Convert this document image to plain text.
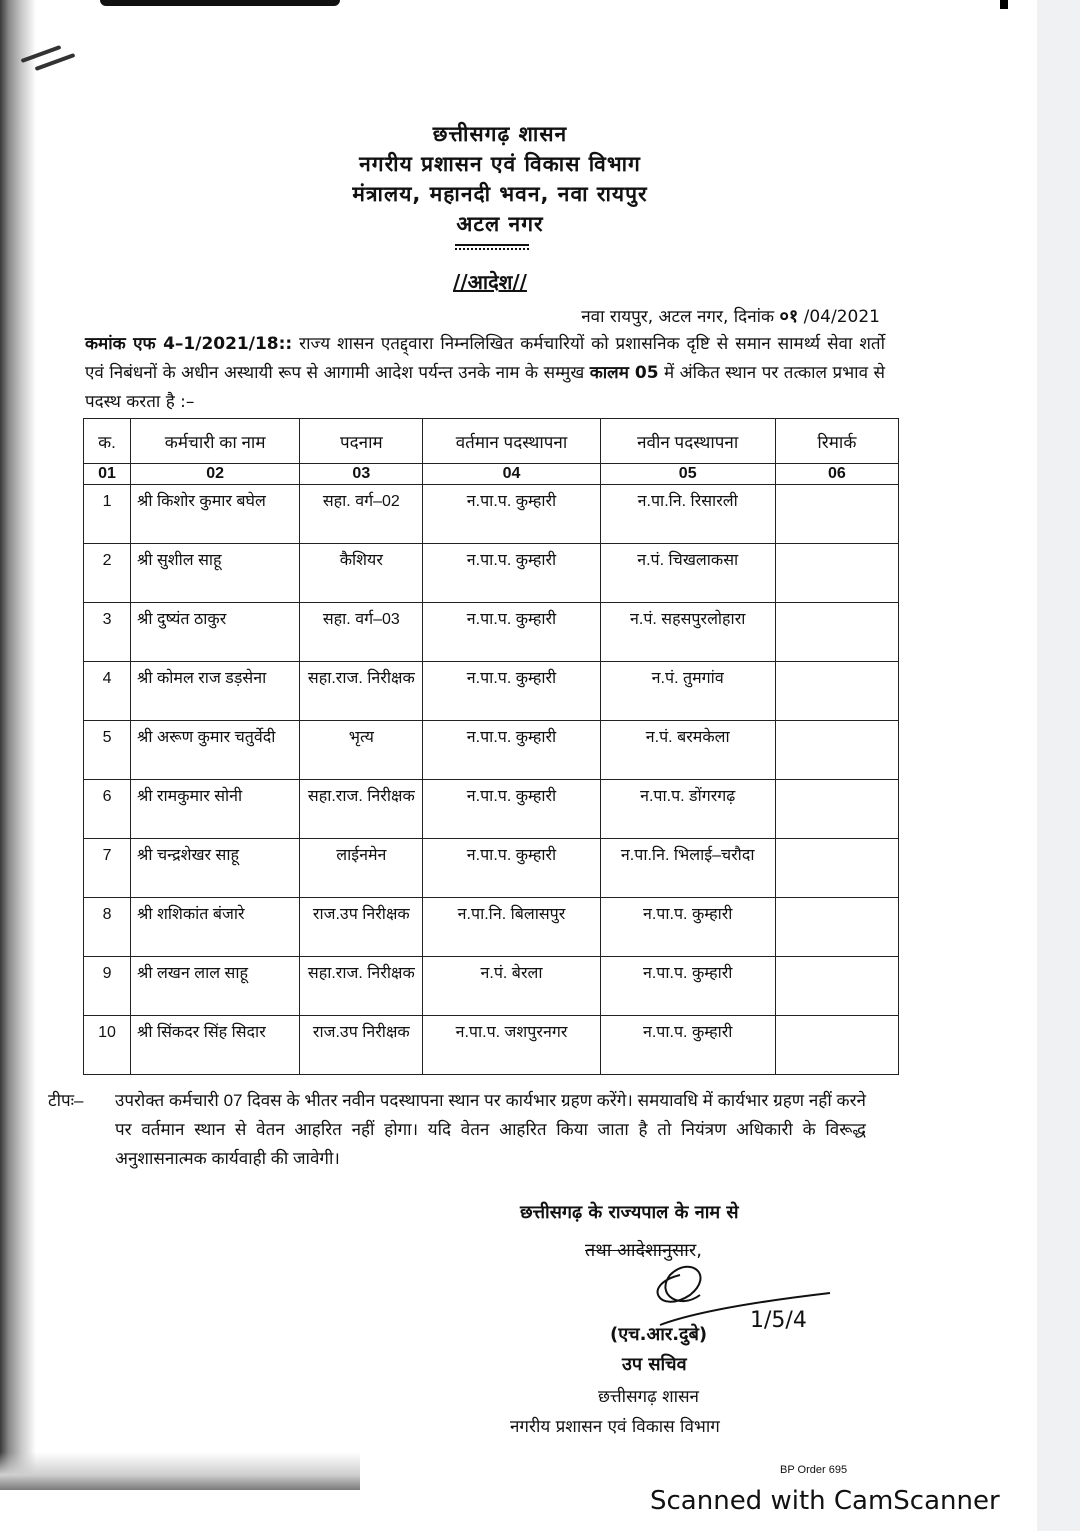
छत्तीसगढ़ शासन
नगरीय प्रशासन एवं विकास विभाग
मंत्रालय, महानदी भवन, नवा रायपुर
अटल नगर
//आदेश//
नवा रायपुर, अटल नगर, दिनांक ०१ /04/2021
कमांक एफ 4–1/2021/18:: राज्य शासन एतद्द्वारा निम्नलिखित कर्मचारियों को प्रशासनिक दृष्टि से समान सामर्थ्य सेवा शर्तो एवं निबंधनों के अधीन अस्थायी रूप से आगामी आदेश पर्यन्त उनके नाम के सम्मुख कालम 05 में अंकित स्थान पर तत्काल प्रभाव से पदस्थ करता है :–
क.	कर्मचारी का नाम	पदनाम	वर्तमान पदस्थापना	नवीन पदस्थापना	रिमार्क
01	02	03	04	05	06
1	श्री किशोर कुमार बघेल	सहा. वर्ग–02	न.पा.प. कुम्हारी	न.पा.नि. रिसारली	
2	श्री सुशील साहू	कैशियर	न.पा.प. कुम्हारी	न.पं. चिखलाकसा	
3	श्री दुष्यंत ठाकुर	सहा. वर्ग–03	न.पा.प. कुम्हारी	न.पं. सहसपुरलोहारा	
4	श्री कोमल राज डड़सेना	सहा.राज. निरीक्षक	न.पा.प. कुम्हारी	न.पं. तुमगांव	
5	श्री अरूण कुमार चतुर्वेदी	भृत्य	न.पा.प. कुम्हारी	न.पं. बरमकेला	
6	श्री रामकुमार सोनी	सहा.राज. निरीक्षक	न.पा.प. कुम्हारी	न.पा.प. डोंगरगढ़	
7	श्री चन्द्रशेखर साहू	लाईनमेन	न.पा.प. कुम्हारी	न.पा.नि. भिलाई–चरौदा	
8	श्री शशिकांत बंजारे	राज.उप निरीक्षक	न.पा.नि. बिलासपुर	न.पा.प. कुम्हारी	
9	श्री लखन लाल साहू	सहा.राज. निरीक्षक	न.पं. बेरला	न.पा.प. कुम्हारी	
10	श्री सिंकदर सिंह सिदार	राज.उप निरीक्षक	न.पा.प. जशपुरनगर	न.पा.प. कुम्हारी	
टीपः– उपरोक्त कर्मचारी 07 दिवस के भीतर नवीन पदस्थापना स्थान पर कार्यभार ग्रहण करेंगे। समयावधि में कार्यभार ग्रहण नहीं करने पर वर्तमान स्थान से वेतन आहरित नहीं होगा। यदि वेतन आहरित किया जाता है तो नियंत्रण अधिकारी के विरूद्ध अनुशासनात्मक कार्यवाही की जावेगी।
छत्तीसगढ़ के राज्यपाल के नाम से
तथा आदेशानुसार,
1/5/4
(एच.आर.दुबे)
उप सचिव
छत्तीसगढ़ शासन
नगरीय प्रशासन एवं विकास विभाग
BP Order 695
Scanned with CamScanner
